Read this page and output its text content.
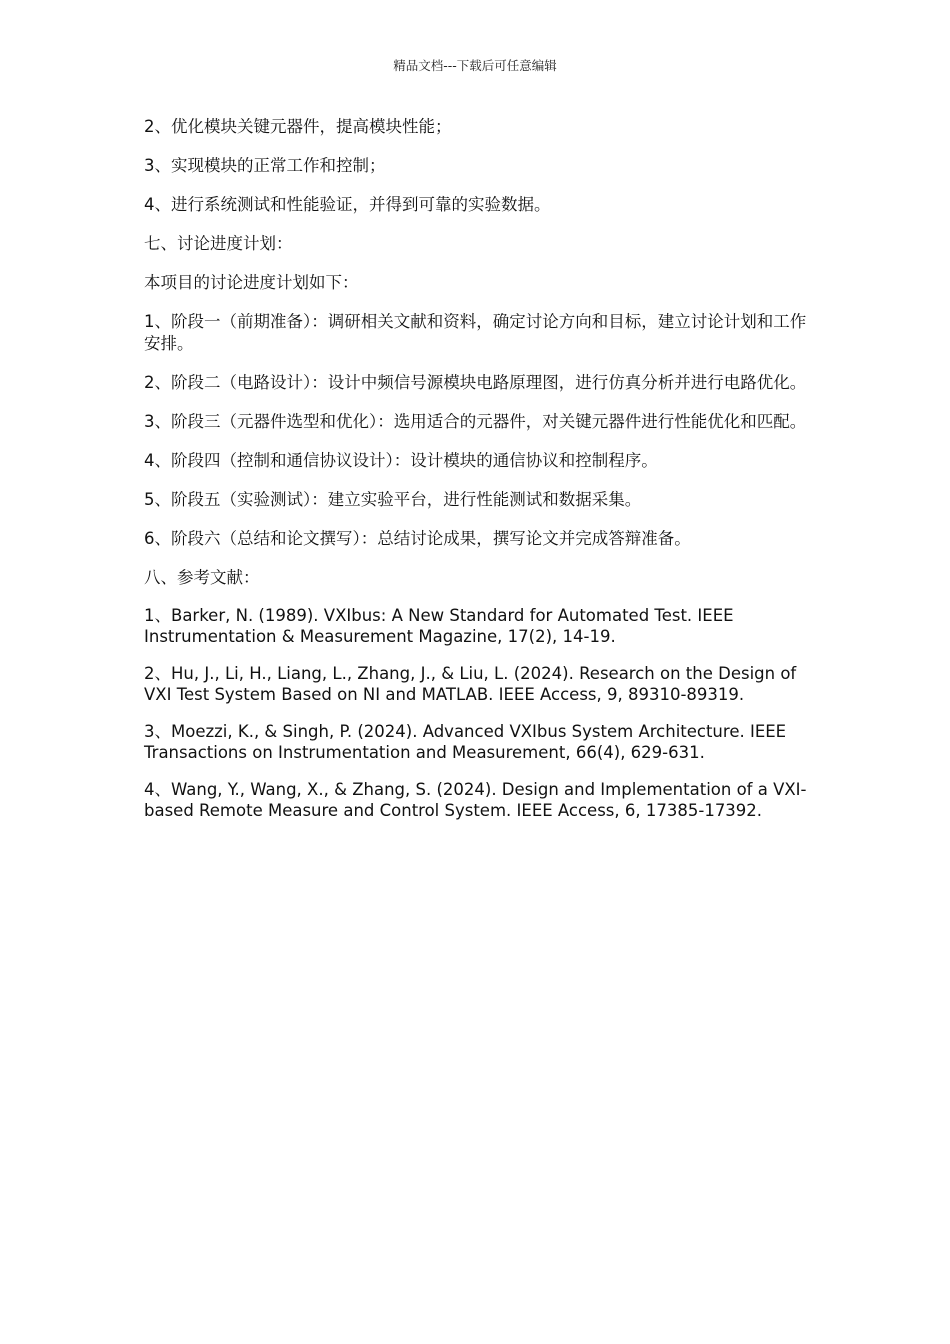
精品文档---下载后可任意编辑

2、优化模块关键元器件，提高模块性能；

3、实现模块的正常工作和控制；

4、进行系统测试和性能验证，并得到可靠的实验数据。

七、讨论进度计划：

本项目的讨论进度计划如下：

1、阶段一（前期准备）：调研相关文献和资料，确定讨论方向和目标，建立讨论计划和工作安排。

2、阶段二（电路设计）：设计中频信号源模块电路原理图，进行仿真分析并进行电路优化。

3、阶段三（元器件选型和优化）：选用适合的元器件，对关键元器件进行性能优化和匹配。

4、阶段四（控制和通信协议设计）：设计模块的通信协议和控制程序。

5、阶段五（实验测试）：建立实验平台，进行性能测试和数据采集。

6、阶段六（总结和论文撰写）：总结讨论成果，撰写论文并完成答辩准备。

八、参考文献：

1、Barker, N. (1989). VXIbus: A New Standard for Automated Test. IEEE Instrumentation & Measurement Magazine, 17(2), 14-19.

2、Hu, J., Li, H., Liang, L., Zhang, J., & Liu, L. (2024). Research on the Design of VXI Test System Based on NI and MATLAB. IEEE Access, 9, 89310-89319.

3、Moezzi, K., & Singh, P. (2024). Advanced VXIbus System Architecture. IEEE Transactions on Instrumentation and Measurement, 66(4), 629-631.

4、Wang, Y., Wang, X., & Zhang, S. (2024). Design and Implementation of a VXI-based Remote Measure and Control System. IEEE Access, 6, 17385-17392.
